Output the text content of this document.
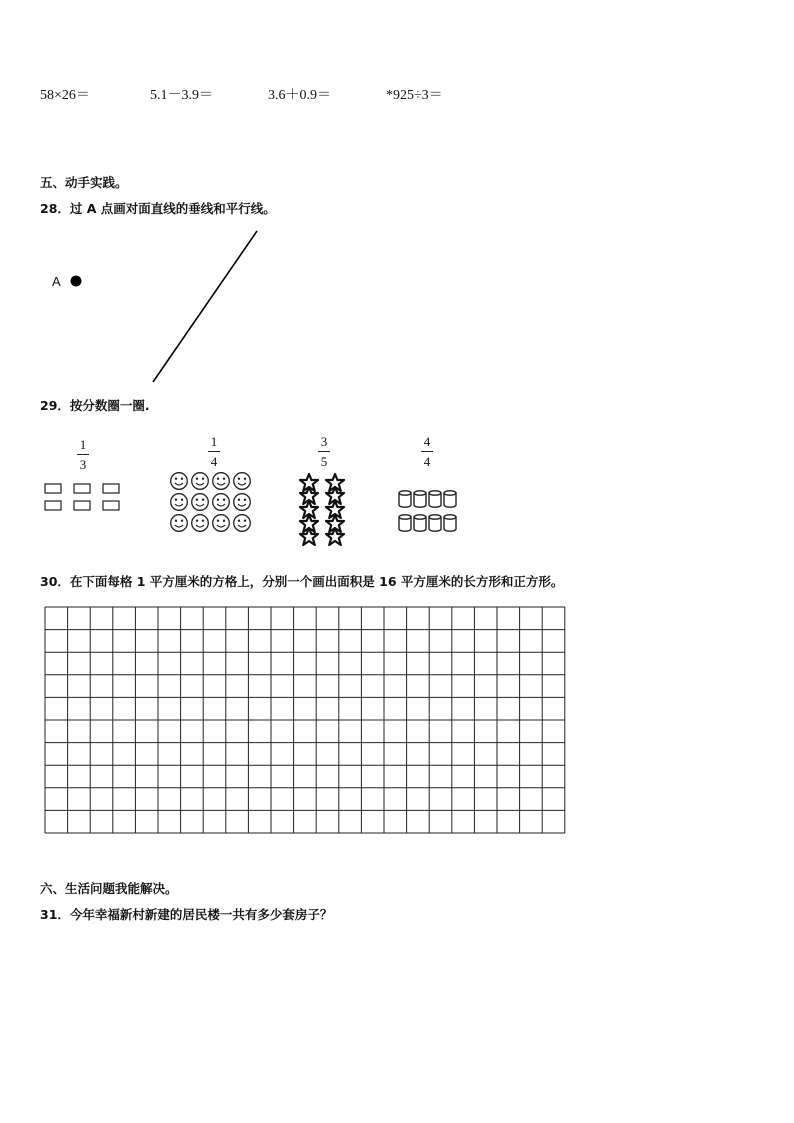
58×26＝	5.1－3.9＝	3.6＋0.9＝	*925÷3＝
五、动手实践。
28．过 A 点画对面直线的垂线和平行线。
A
29．按分数圈一圈.
1
3
1
4
3
5
4
4
30．在下面每格 1 平方厘米的方格上，分别一个画出面积是 16 平方厘米的长方形和正方形。
六、生活问题我能解决。
31．今年幸福新村新建的居民楼一共有多少套房子？
